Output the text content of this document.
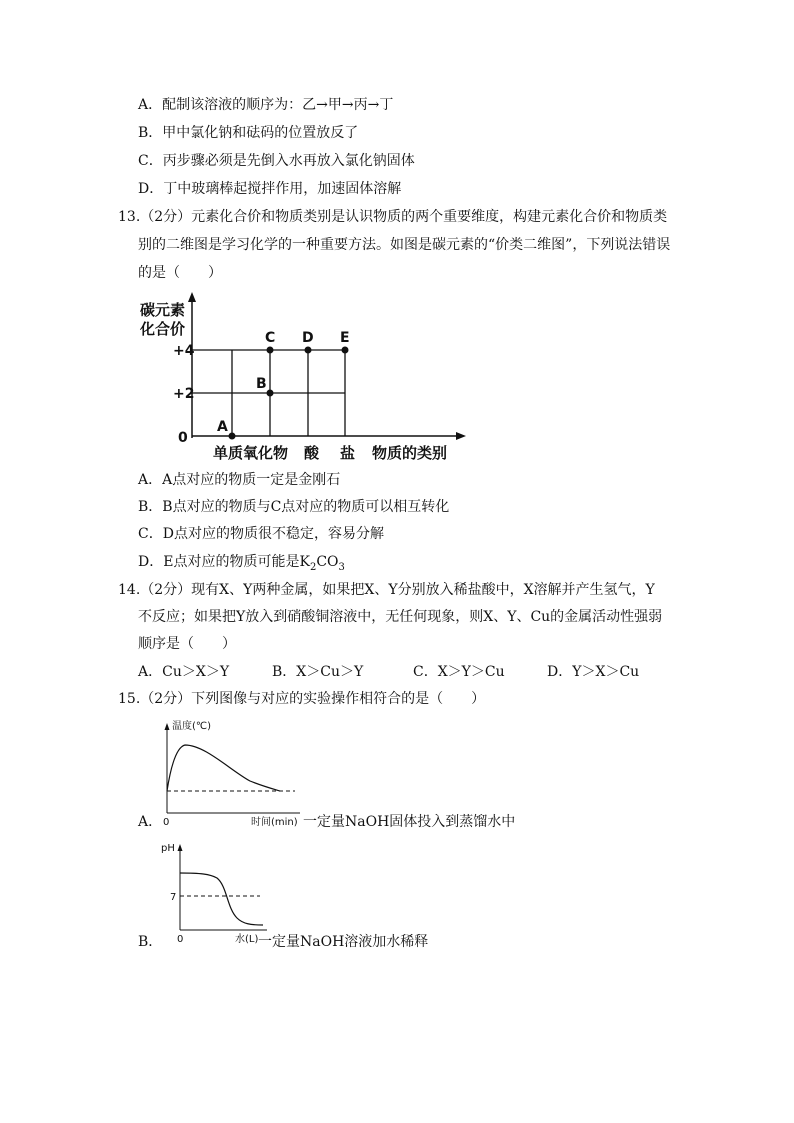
A．配制该溶液的顺序为：乙→甲→丙→丁
B．甲中氯化钠和砝码的位置放反了
C．丙步骤必须是先倒入水再放入氯化钠固体
D．丁中玻璃棒起搅拌作用，加速固体溶解
13.（2分）元素化合价和物质类别是认识物质的两个重要维度，构建元素化合价和物质类
别的二维图是学习化学的一种重要方法。如图是碳元素的“价类二维图”，下列说法错误
的是（　　）
碳元素
化合价
+4
+2
0
单质 氧化物 酸 盐 物质的类别
A
B
C D E
A．A点对应的物质一定是金刚石
B．B点对应的物质与C点对应的物质可以相互转化
C．D点对应的物质很不稳定，容易分解
D．E点对应的物质可能是$K_2CO_3$
14.（2分）现有X、Y两种金属，如果把X、Y分别放入稀盐酸中，X溶解并产生氢气，Y
不反应；如果把Y放入到硝酸铜溶液中，无任何现象，则X、Y、Cu的金属活动性强弱
顺序是（　　）
A．Cu＞X＞Y	B．X＞Cu＞Y	C．X＞Y＞Cu	D．Y＞X＞Cu
15.（2分）下列图像与对应的实验操作相符合的是（　　）
A．
温度(℃)
0	时间(min) 一定量NaOH固体投入到蒸馏水中
B．
pH
7
0	水(L) 一定量NaOH溶液加水稀释
